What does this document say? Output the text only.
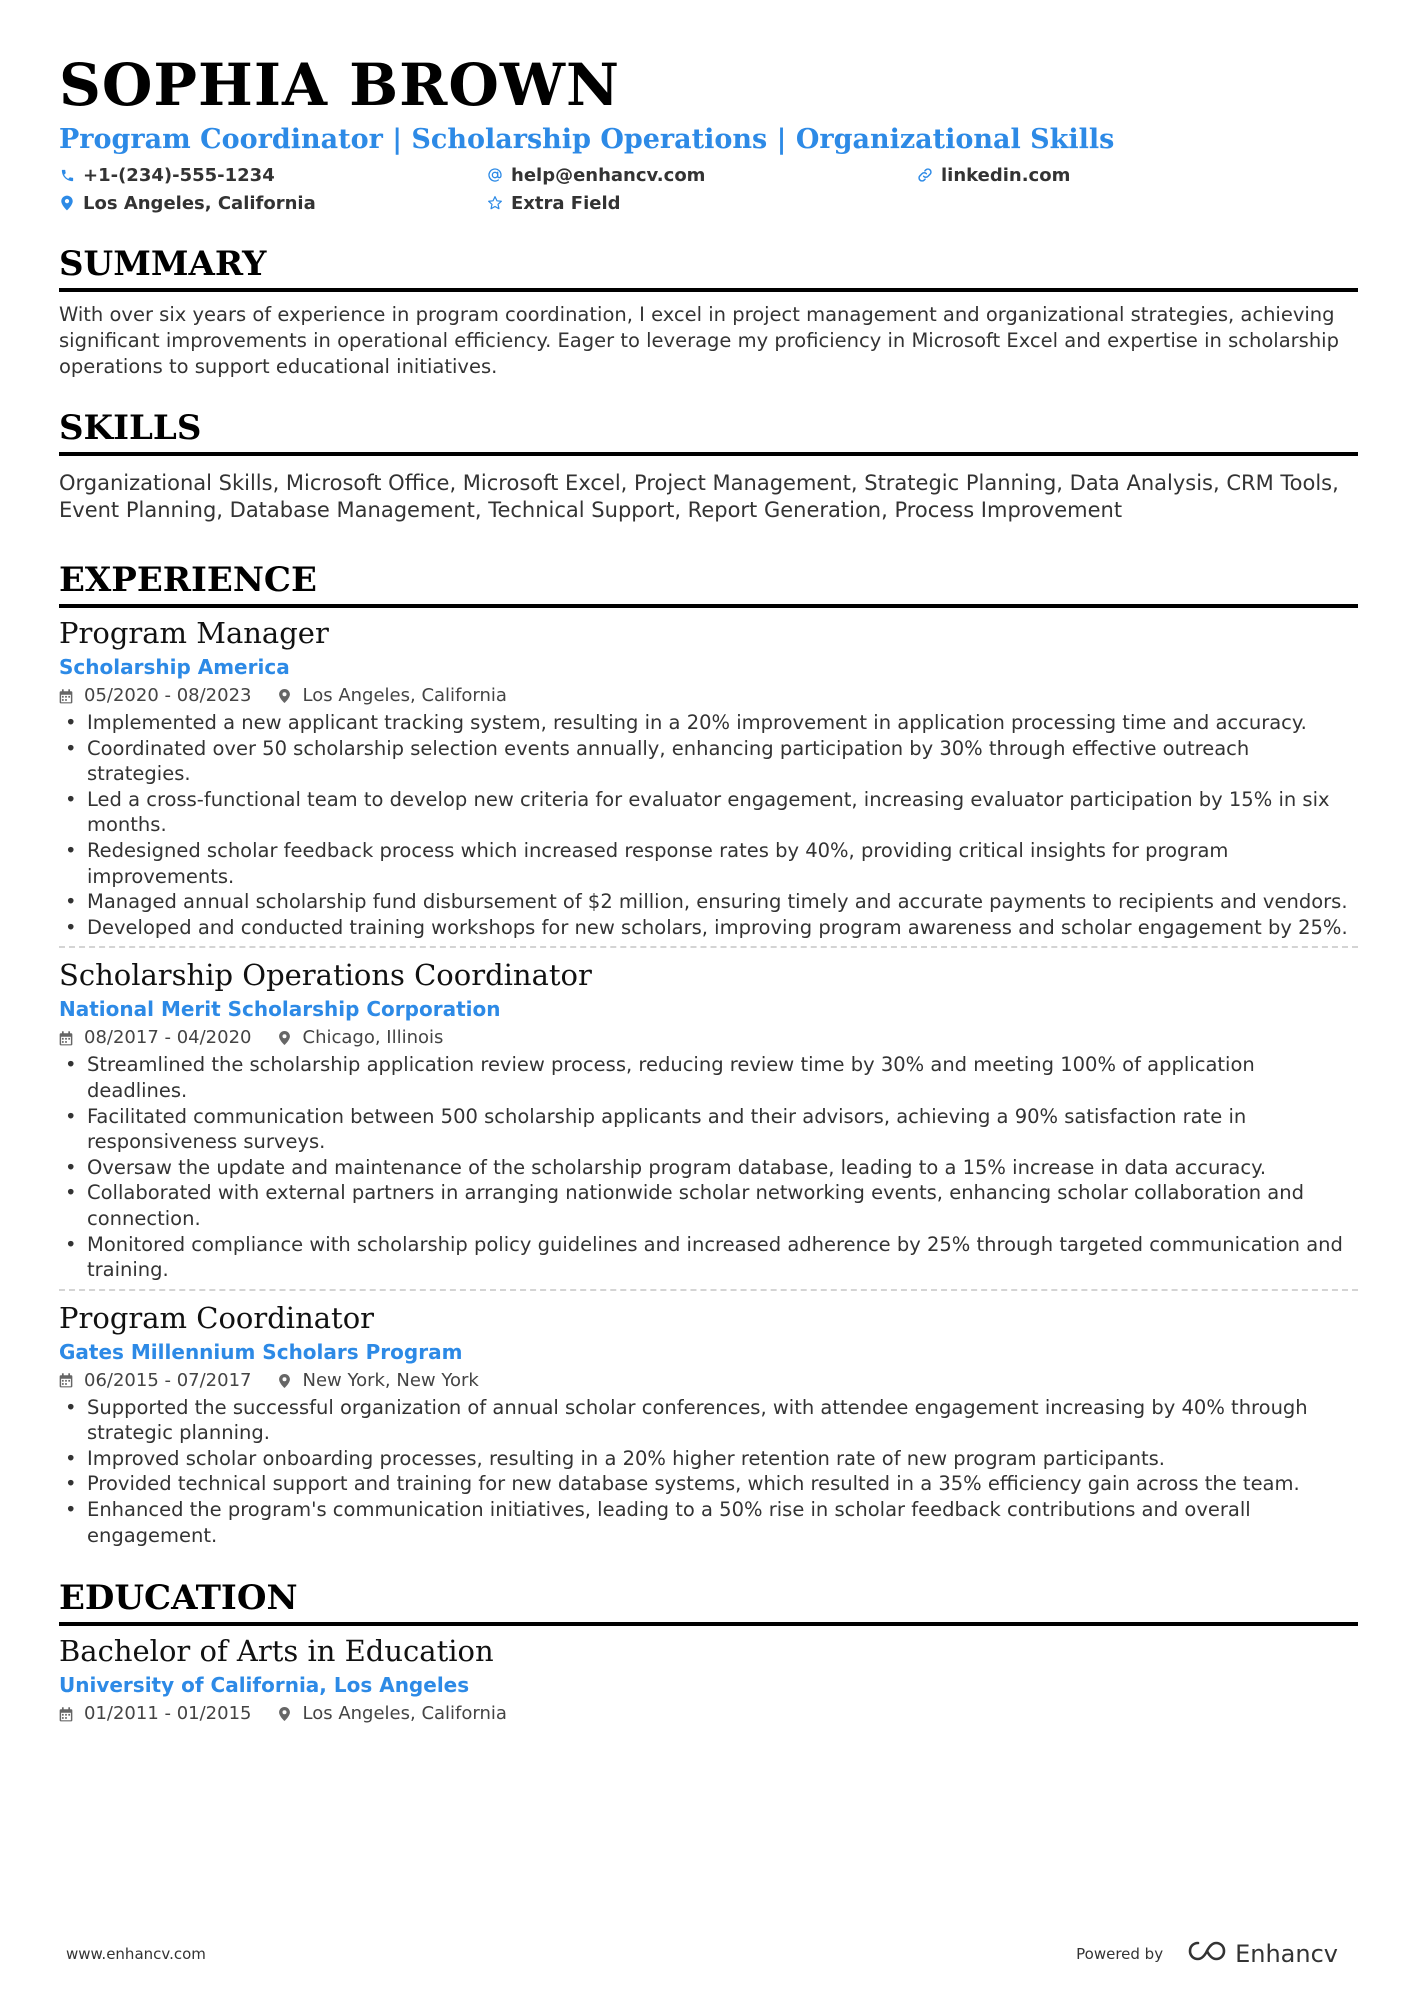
SOPHIA BROWN
Program Coordinator | Scholarship Operations | Organizational Skills
+1-(234)-555-1234	help@enhancv.com	linkedin.com
Los Angeles, California	Extra Field
SUMMARY
With over six years of experience in program coordination, I excel in project management and organizational strategies, achieving significant improvements in operational efficiency. Eager to leverage my proficiency in Microsoft Excel and expertise in scholarship operations to support educational initiatives.
SKILLS
Organizational Skills, Microsoft Office, Microsoft Excel, Project Management, Strategic Planning, Data Analysis, CRM Tools, Event Planning, Database Management, Technical Support, Report Generation, Process Improvement
EXPERIENCE
Program Manager
Scholarship America
05/2020 - 08/2023	Los Angeles, California
• Implemented a new applicant tracking system, resulting in a 20% improvement in application processing time and accuracy.
• Coordinated over 50 scholarship selection events annually, enhancing participation by 30% through effective outreach strategies.
• Led a cross-functional team to develop new criteria for evaluator engagement, increasing evaluator participation by 15% in six months.
• Redesigned scholar feedback process which increased response rates by 40%, providing critical insights for program improvements.
• Managed annual scholarship fund disbursement of $2 million, ensuring timely and accurate payments to recipients and vendors.
• Developed and conducted training workshops for new scholars, improving program awareness and scholar engagement by 25%.
Scholarship Operations Coordinator
National Merit Scholarship Corporation
08/2017 - 04/2020	Chicago, Illinois
• Streamlined the scholarship application review process, reducing review time by 30% and meeting 100% of application deadlines.
• Facilitated communication between 500 scholarship applicants and their advisors, achieving a 90% satisfaction rate in responsiveness surveys.
• Oversaw the update and maintenance of the scholarship program database, leading to a 15% increase in data accuracy.
• Collaborated with external partners in arranging nationwide scholar networking events, enhancing scholar collaboration and connection.
• Monitored compliance with scholarship policy guidelines and increased adherence by 25% through targeted communication and training.
Program Coordinator
Gates Millennium Scholars Program
06/2015 - 07/2017	New York, New York
• Supported the successful organization of annual scholar conferences, with attendee engagement increasing by 40% through strategic planning.
• Improved scholar onboarding processes, resulting in a 20% higher retention rate of new program participants.
• Provided technical support and training for new database systems, which resulted in a 35% efficiency gain across the team.
• Enhanced the program's communication initiatives, leading to a 50% rise in scholar feedback contributions and overall engagement.
EDUCATION
Bachelor of Arts in Education
University of California, Los Angeles
01/2011 - 01/2015	Los Angeles, California
www.enhancv.com	Powered by	Enhancv
